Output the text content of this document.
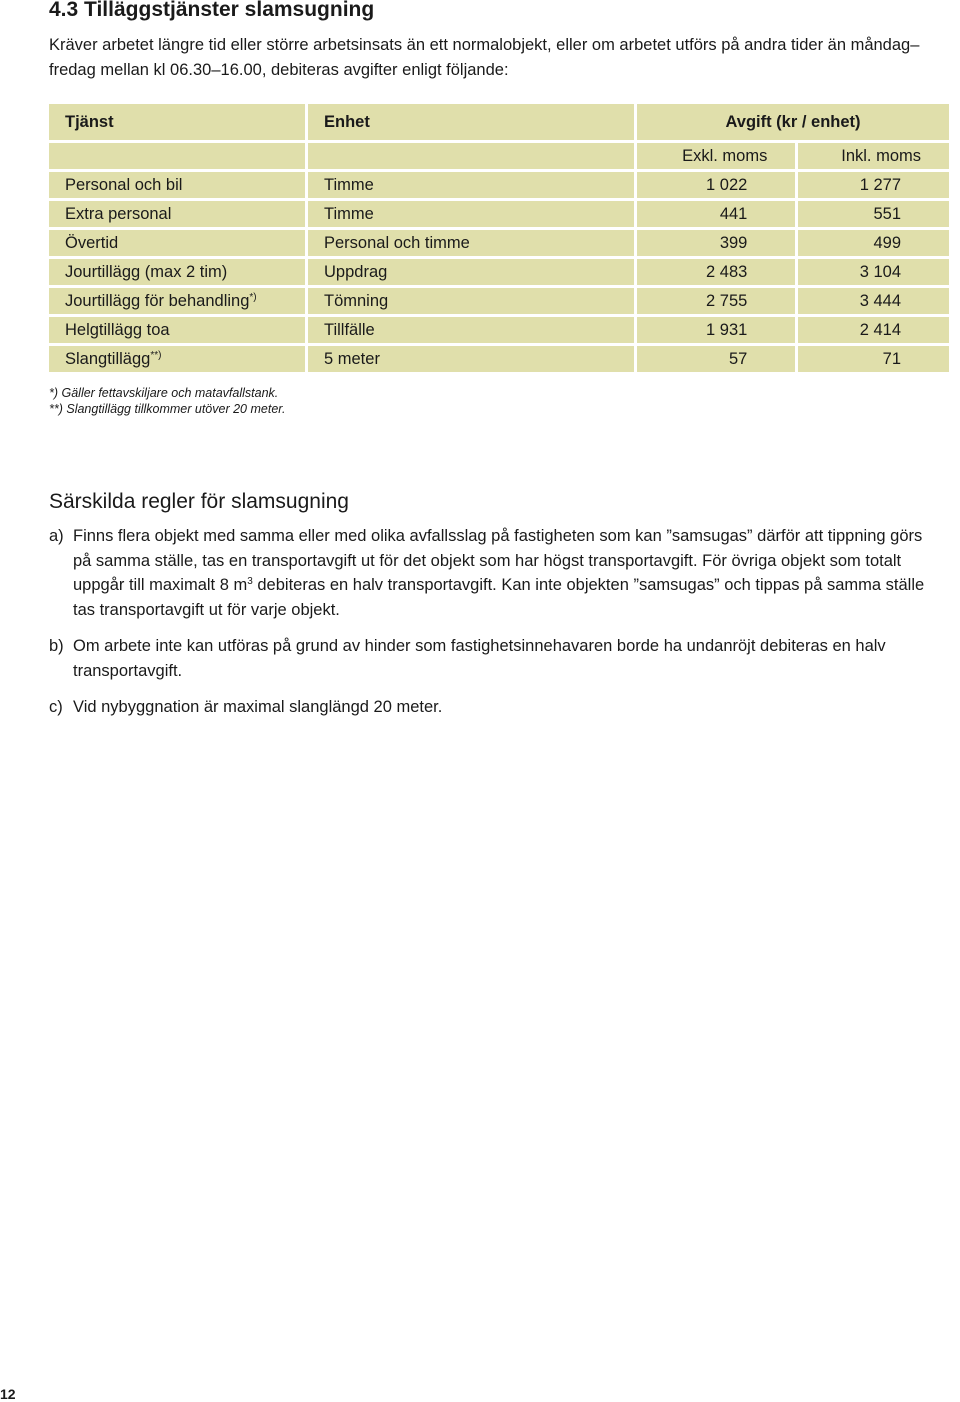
4.3 Tilläggstjänster slamsugning

Kräver arbetet längre tid eller större arbetsinsats än ett normalobjekt, eller om arbetet utförs på andra tider än måndag–fredag mellan kl 06.30–16.00, debiteras avgifter enligt följande:

Tjänst	Enhet	Avgift (kr / enhet)	
		Exkl. moms	Inkl. moms
Personal och bil	Timme	1 022	1 277
Extra personal	Timme	441	551
Övertid	Personal och timme	399	499
Jourtillägg (max 2 tim)	Uppdrag	2 483	3 104
Jourtillägg för behandling*)	Tömning	2 755	3 444
Helgtillägg toa	Tillfälle	1 931	2 414
Slangtillägg**)	5 meter	57	71
*) Gäller fettavskiljare och matavfallstank.
**) Slangtillägg tillkommer utöver 20 meter.
Särskilda regler för slamsugning
a) Finns flera objekt med samma eller med olika avfallsslag på fastigheten som kan ”samsugas” därför att tippning görs på samma ställe, tas en transportavgift ut för det objekt som har högst transportavgift. För övriga objekt som totalt uppgår till maximalt 8 $m^3$ debiteras en halv transportavgift. Kan inte objekten ”samsugas” och tippas på samma ställe tas transportavgift ut för varje objekt.
b) Om arbete inte kan utföras på grund av hinder som fastighetsinnehavaren borde ha undanröjt debiteras en halv transportavgift.
c) Vid nybyggnation är maximal slanglängd 20 meter.
12
